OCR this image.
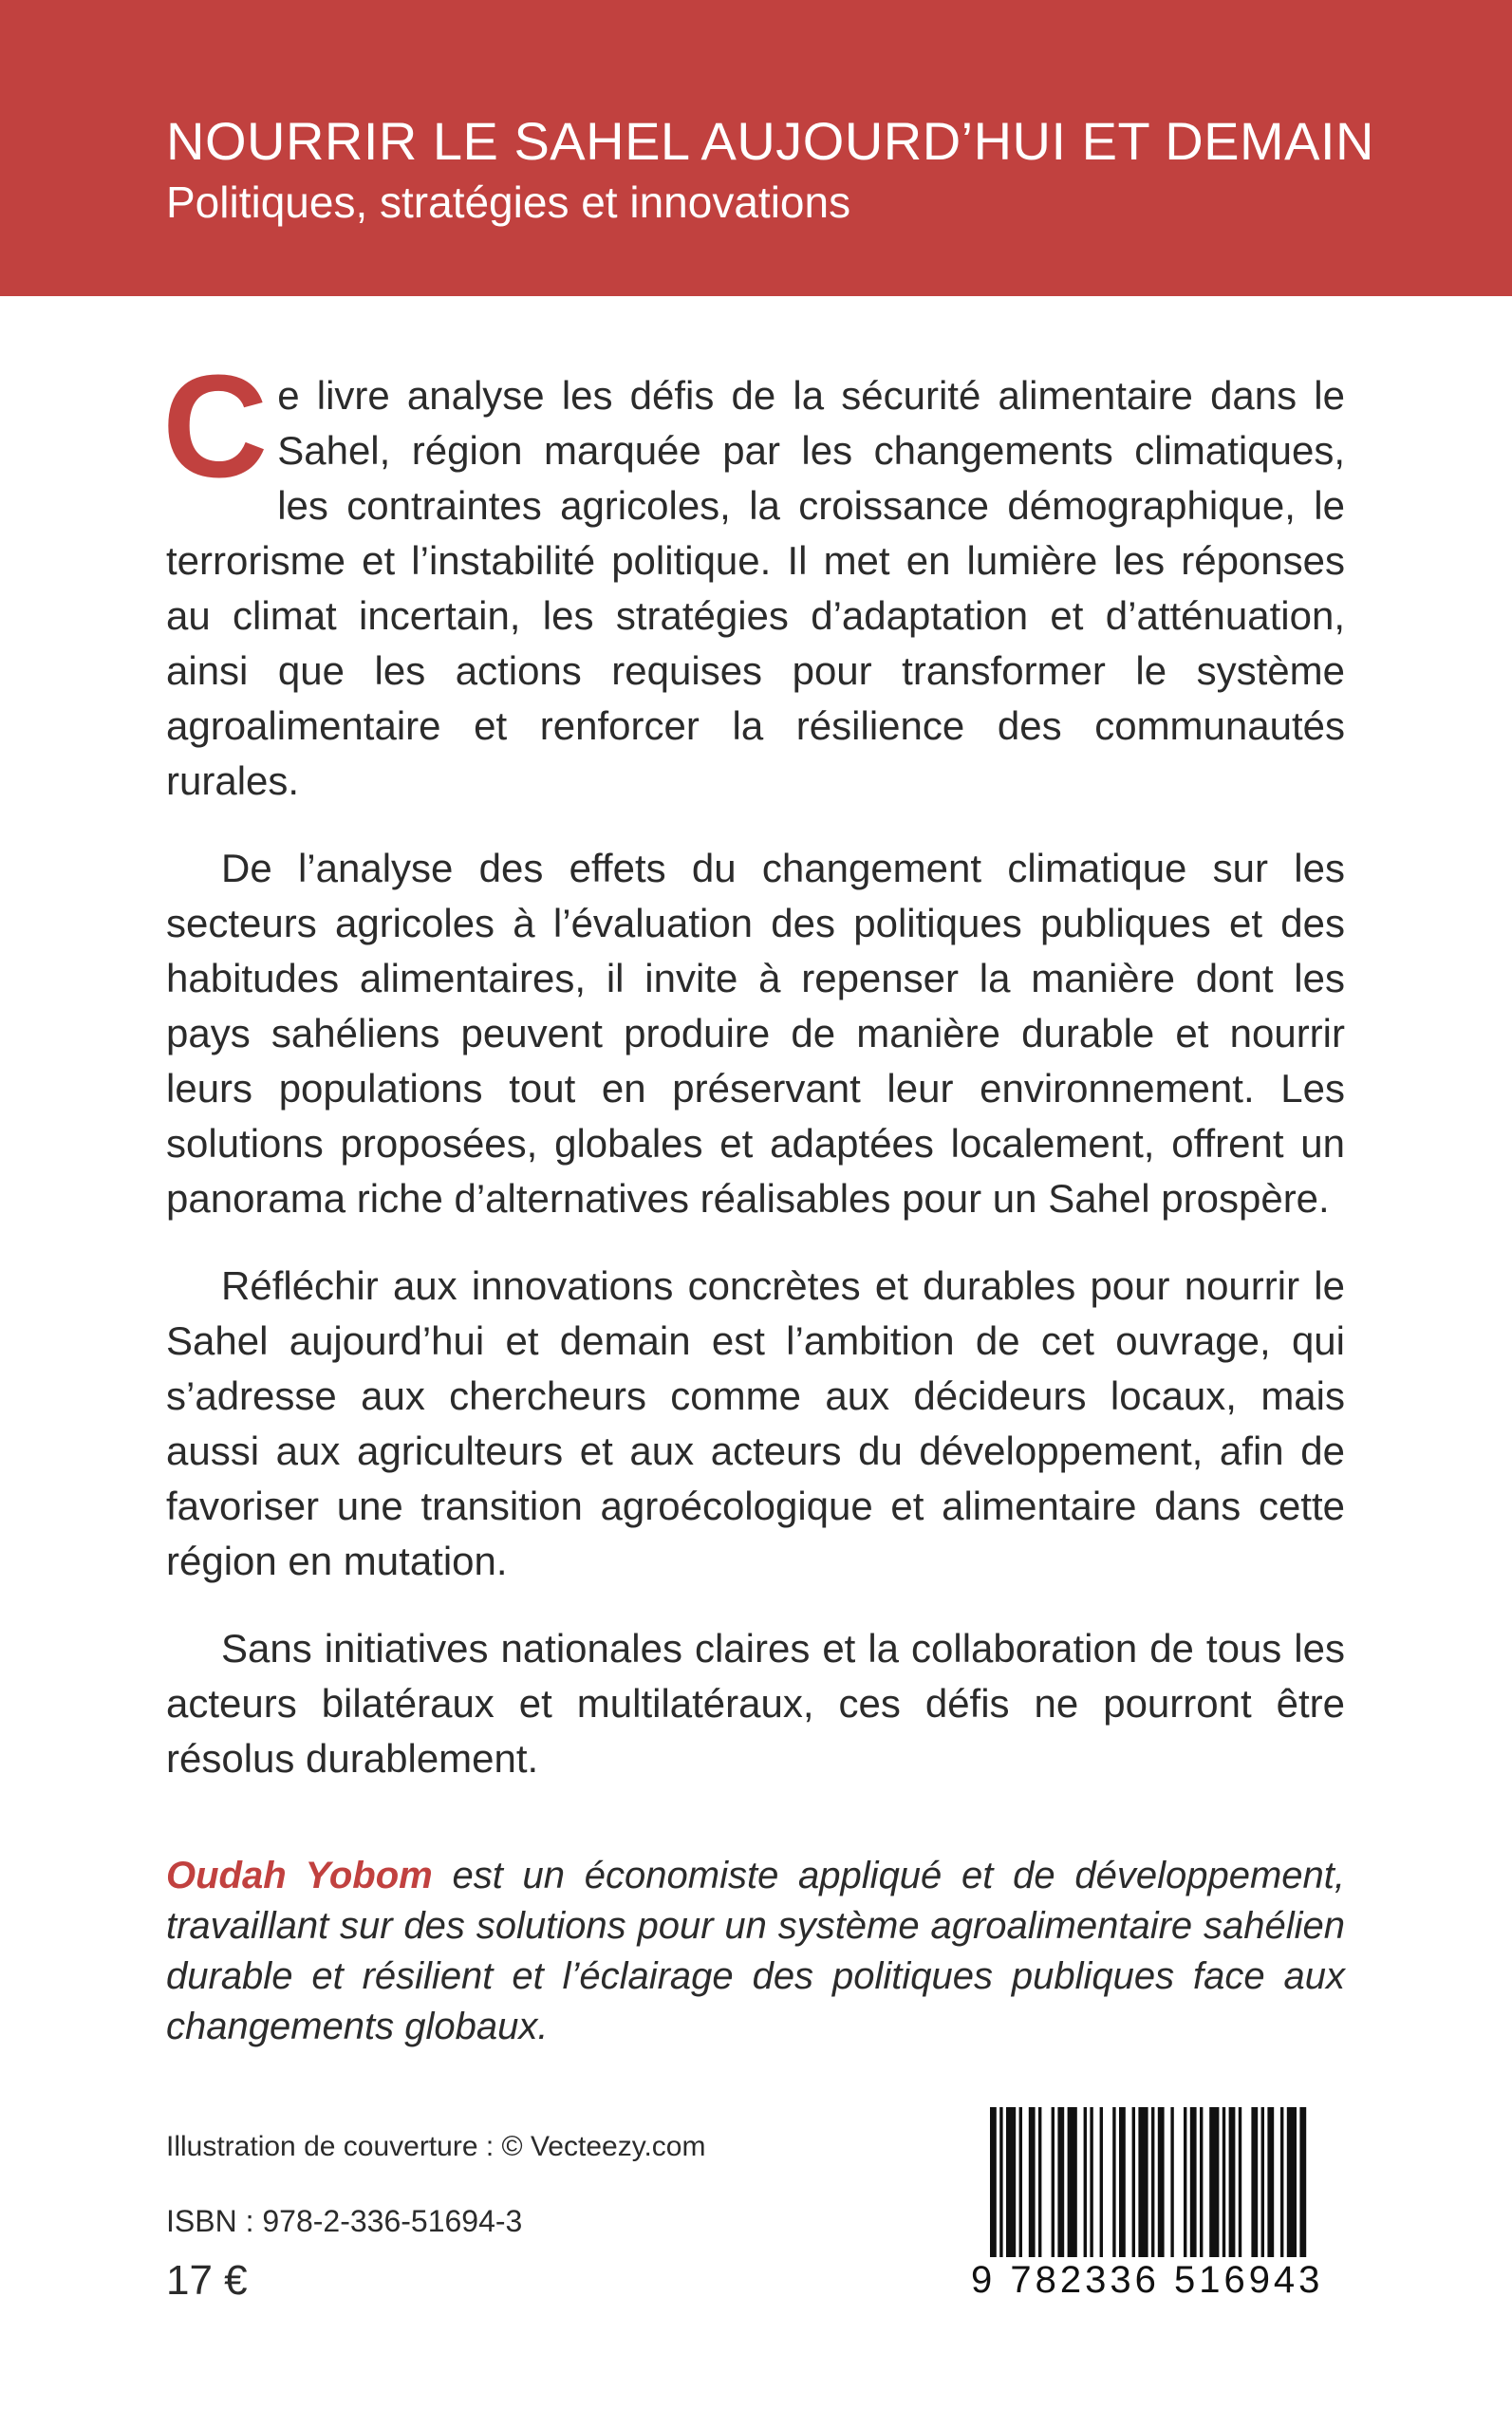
NOURRIR LE SAHEL AUJOURD’HUI ET DEMAIN
Politiques, stratégies et innovations

C e livre analyse les défis de la sécurité alimentaire dans le Sahel, région marquée par les changements climatiques, les contraintes agricoles, la croissance démographique, le terrorisme et l’instabilité politique. Il met en lumière les réponses au climat incertain, les stratégies d’adaptation et d’atténuation, ainsi que les actions requises pour transformer le système agroalimentaire et renforcer la résilience des communautés rurales.

De l’analyse des effets du changement climatique sur les secteurs agricoles à l’évaluation des politiques publiques et des habitudes alimentaires, il invite à repenser la manière dont les pays sahéliens peuvent produire de manière durable et nourrir leurs populations tout en préservant leur environnement. Les solutions proposées, globales et adaptées localement, offrent un panorama riche d’alternatives réalisables pour un Sahel prospère.

Réfléchir aux innovations concrètes et durables pour nourrir le Sahel aujourd’hui et demain est l’ambition de cet ouvrage, qui s’adresse aux chercheurs comme aux décideurs locaux, mais aussi aux agriculteurs et aux acteurs du développement, afin de favoriser une transition agroécologique et alimentaire dans cette région en mutation.

Sans initiatives nationales claires et la collaboration de tous les acteurs bilatéraux et multilatéraux, ces défis ne pourront être résolus durablement.

Oudah Yobom est un économiste appliqué et de développement, travaillant sur des solutions pour un système agroalimentaire sahélien durable et résilient et l’éclairage des politiques publiques face aux changements globaux.
Illustration de couverture : © Vecteezy.com
ISBN : 978-2-336-51694-3
17 €	9 782336 516943
